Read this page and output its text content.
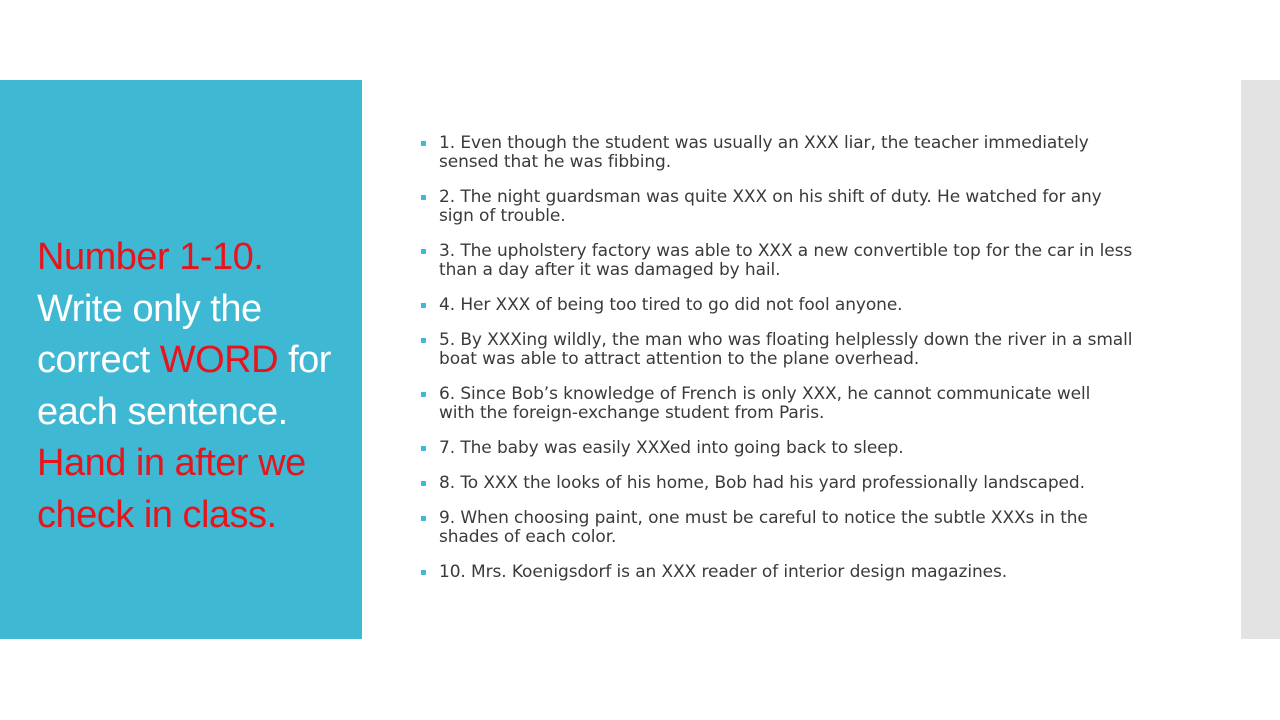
Number 1-10. Write only the correct WORD for each sentence. Hand in after we check in class.
▪ 1. Even though the student was usually an XXX liar, the teacher immediately
sensed that he was fibbing.
▪ 2. The night guardsman was quite XXX on his shift of duty. He watched for any
sign of trouble.
▪ 3. The upholstery factory was able to XXX a new convertible top for the car in less
than a day after it was damaged by hail.
▪ 4. Her XXX of being too tired to go did not fool anyone.
▪ 5. By XXXing wildly, the man who was floating helplessly down the river in a small
boat was able to attract attention to the plane overhead.
▪ 6. Since Bob’s knowledge of French is only XXX, he cannot communicate well
with the foreign-exchange student from Paris.
▪ 7. The baby was easily XXXed into going back to sleep.
▪ 8. To XXX the looks of his home, Bob had his yard professionally landscaped.
▪ 9. When choosing paint, one must be careful to notice the subtle XXXs in the
shades of each color.
▪ 10. Mrs. Koenigsdorf is an XXX reader of interior design magazines.
